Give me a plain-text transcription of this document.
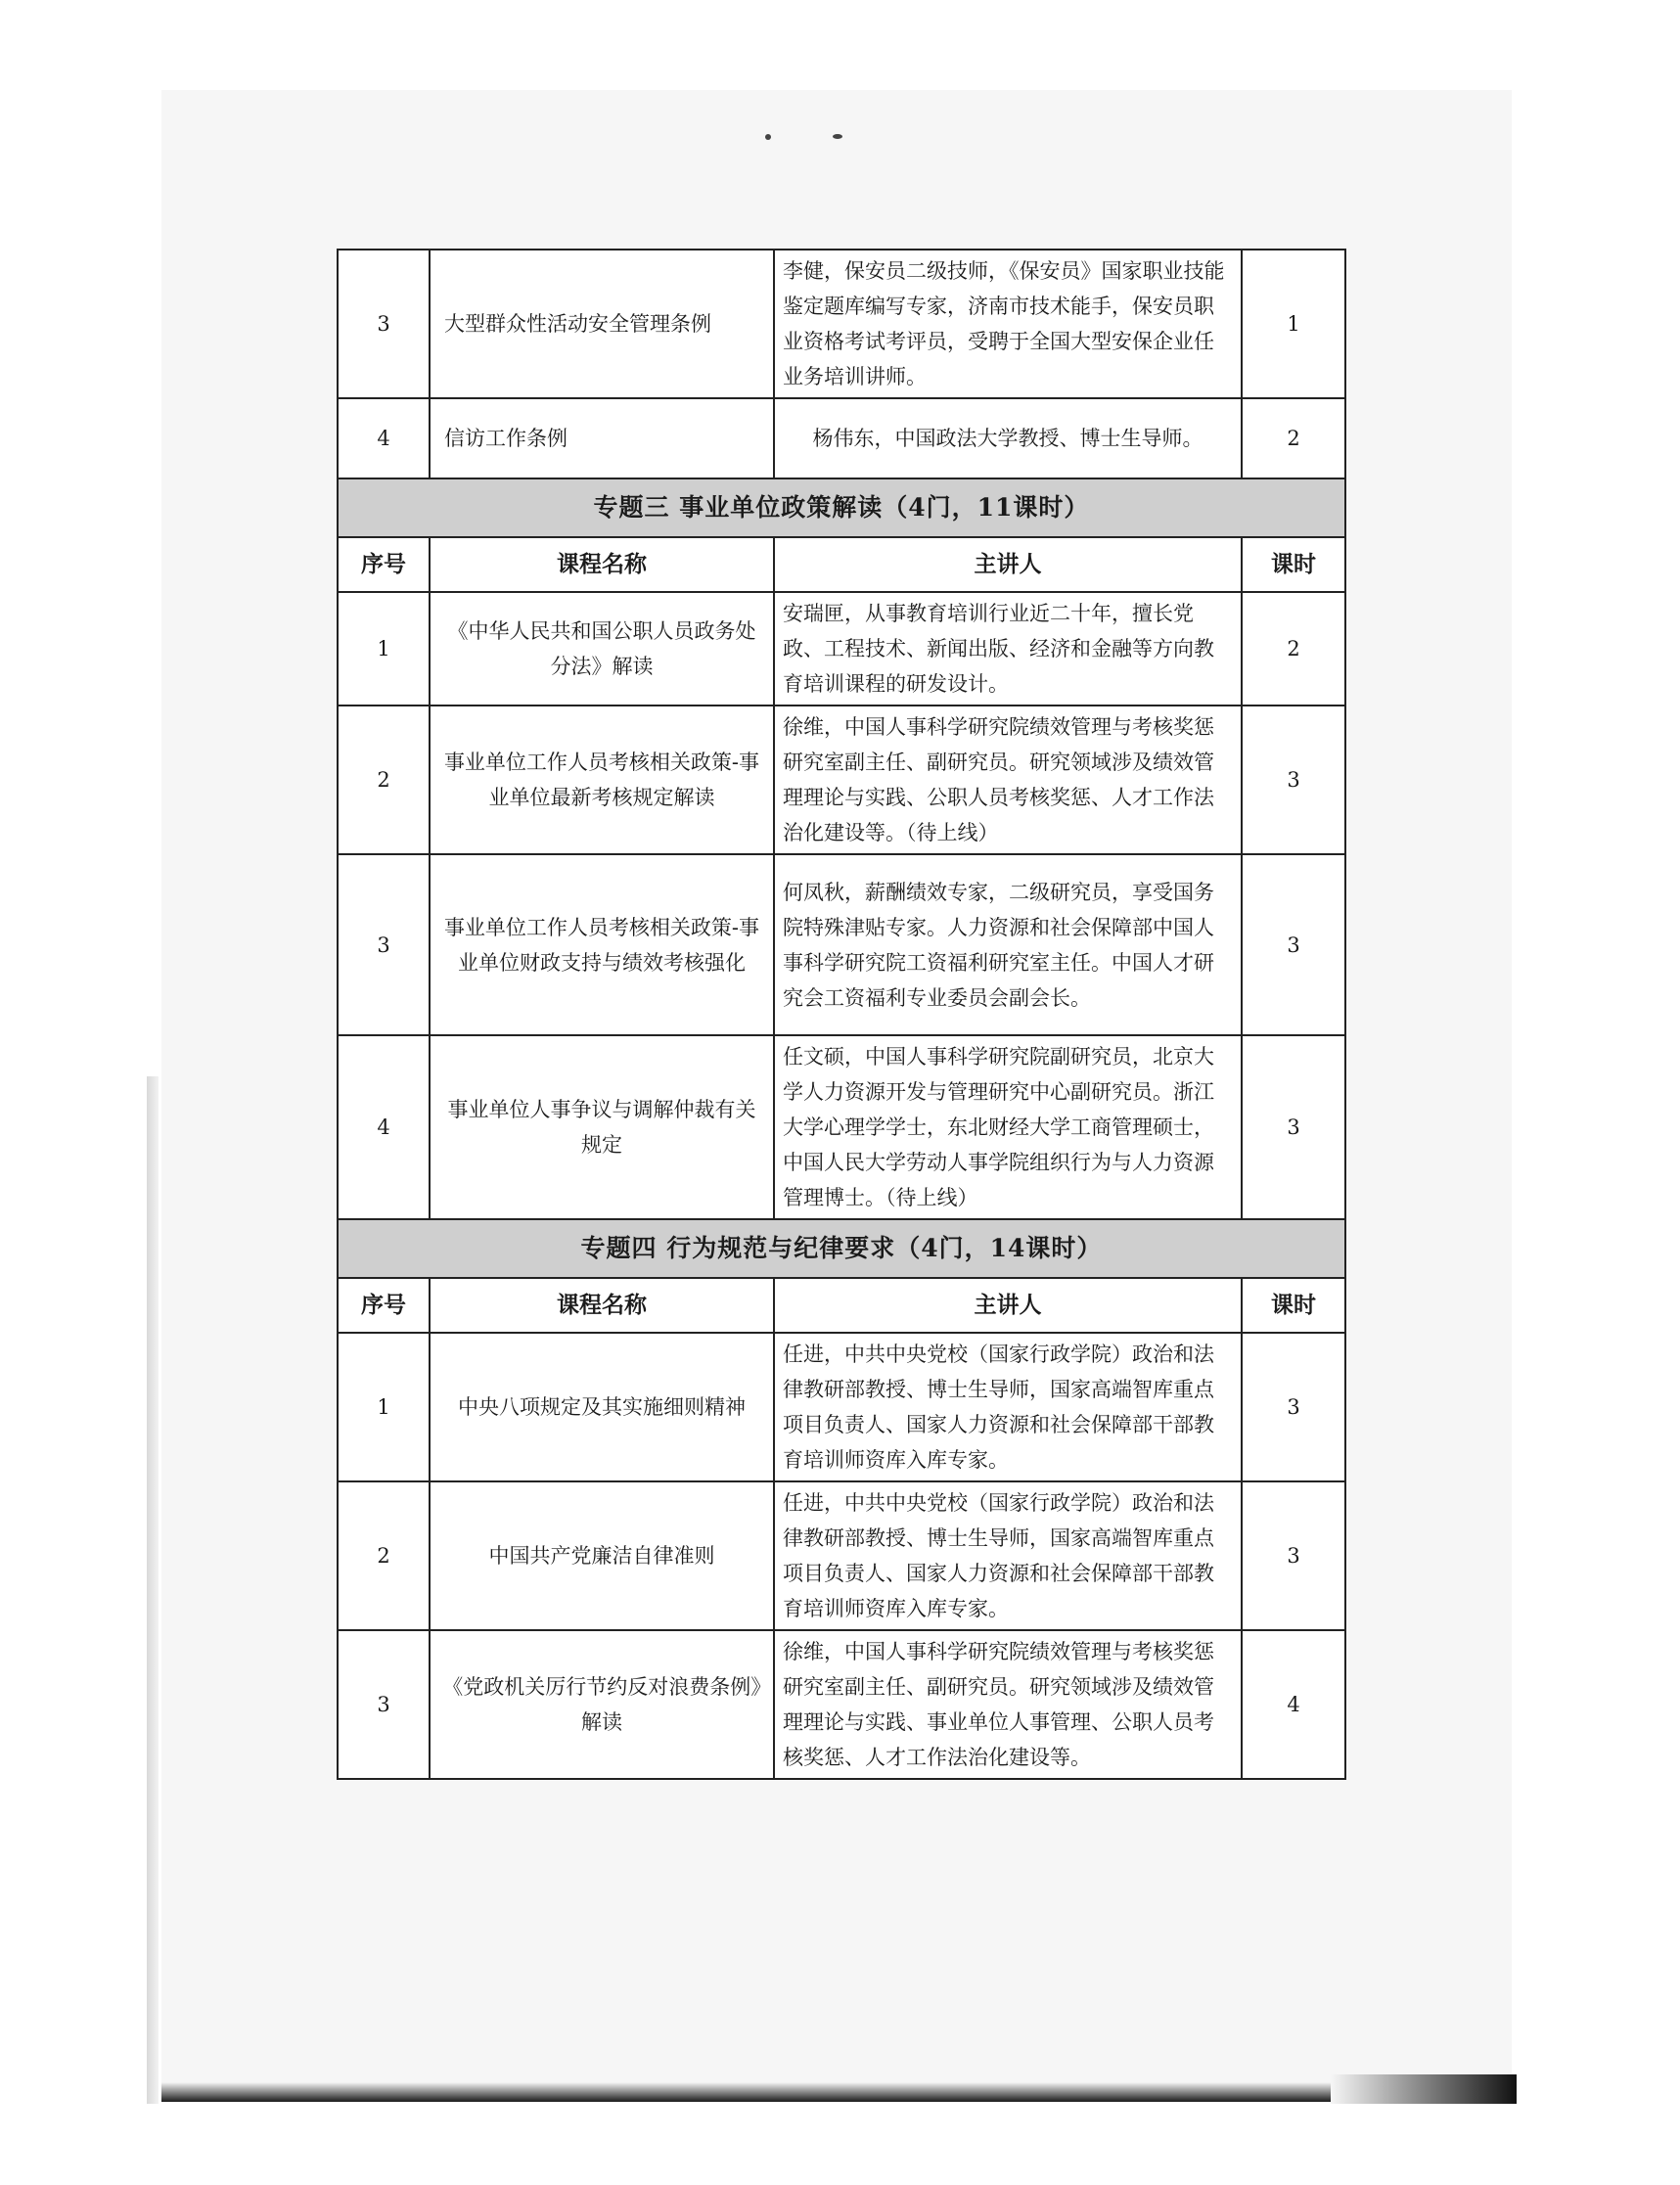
3	大型群众性活动安全管理条例	李健，保安员二级技师，《保安员》国家职业技能鉴定题库编写专家，济南市技术能手，保安员职业资格考试考评员，受聘于全国大型安保企业任业务培训讲师。	1
4	信访工作条例	杨伟东，中国政法大学教授、博士生导师。	2
专题三 事业单位政策解读（4门，11课时）			
序号	课程名称	主讲人	课时
1	《中华人民共和国公职人员政务处分法》解读	安瑞匣，从事教育培训行业近二十年，擅长党政、工程技术、新闻出版、经济和金融等方向教育培训课程的研发设计。	2
2	事业单位工作人员考核相关政策-事业单位最新考核规定解读	徐维，中国人事科学研究院绩效管理与考核奖惩研究室副主任、副研究员。研究领域涉及绩效管理理论与实践、公职人员考核奖惩、人才工作法治化建设等。（待上线）	3
3	事业单位工作人员考核相关政策-事业单位财政支持与绩效考核强化	何凤秋，薪酬绩效专家，二级研究员，享受国务院特殊津贴专家。人力资源和社会保障部中国人事科学研究院工资福利研究室主任。中国人才研究会工资福利专业委员会副会长。	3
4	事业单位人事争议与调解仲裁有关规定	任文硕，中国人事科学研究院副研究员，北京大学人力资源开发与管理研究中心副研究员。浙江大学心理学学士，东北财经大学工商管理硕士，中国人民大学劳动人事学院组织行为与人力资源管理博士。（待上线）	3
专题四 行为规范与纪律要求（4门，14课时）			
序号	课程名称	主讲人	课时
1	中央八项规定及其实施细则精神	任进，中共中央党校（国家行政学院）政治和法律教研部教授、博士生导师，国家高端智库重点项目负责人、国家人力资源和社会保障部干部教育培训师资库入库专家。	3
2	中国共产党廉洁自律准则	任进，中共中央党校（国家行政学院）政治和法律教研部教授、博士生导师，国家高端智库重点项目负责人、国家人力资源和社会保障部干部教育培训师资库入库专家。	3
3	《党政机关厉行节约反对浪费条例》解读	徐维，中国人事科学研究院绩效管理与考核奖惩研究室副主任、副研究员。研究领域涉及绩效管理理论与实践、事业单位人事管理、公职人员考核奖惩、人才工作法治化建设等。	4
